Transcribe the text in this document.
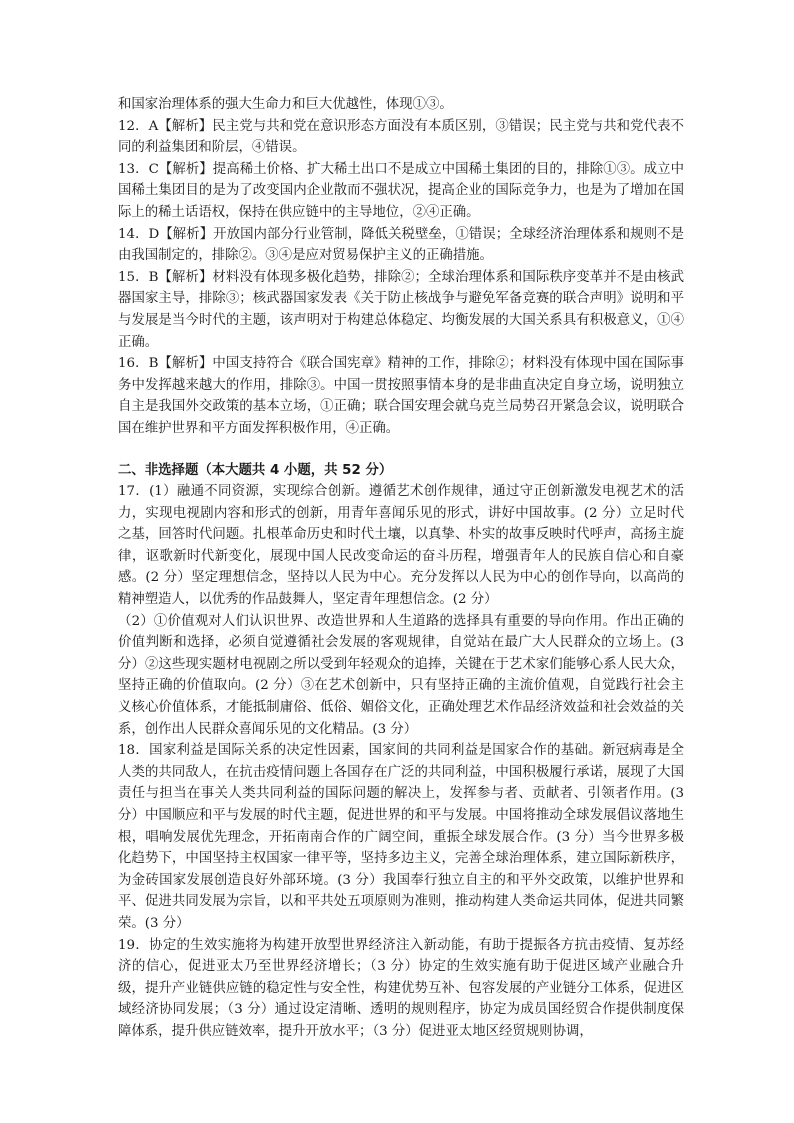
和国家治理体系的强大生命力和巨大优越性，体现①③。

12．A【解析】民主党与共和党在意识形态方面没有本质区别，③错误；民主党与共和党代表不同的利益集团和阶层，④错误。

13．C【解析】提高稀土价格、扩大稀土出口不是成立中国稀土集团的目的，排除①③。成立中国稀土集团目的是为了改变国内企业散而不强状况，提高企业的国际竞争力，也是为了增加在国际上的稀土话语权，保持在供应链中的主导地位，②④正确。

14．D【解析】开放国内部分行业管制，降低关税壁垒，①错误；全球经济治理体系和规则不是由我国制定的，排除②。③④是应对贸易保护主义的正确措施。

15．B【解析】材料没有体现多极化趋势，排除②；全球治理体系和国际秩序变革并不是由核武器国家主导，排除③；核武器国家发表《关于防止核战争与避免军备竞赛的联合声明》说明和平与发展是当今时代的主题，该声明对于构建总体稳定、均衡发展的大国关系具有积极意义，①④正确。

16．B【解析】中国支持符合《联合国宪章》精神的工作，排除②；材料没有体现中国在国际事务中发挥越来越大的作用，排除③。中国一贯按照事情本身的是非曲直决定自身立场，说明独立自主是我国外交政策的基本立场，①正确；联合国安理会就乌克兰局势召开紧急会议，说明联合国在维护世界和平方面发挥积极作用，④正确。

二、非选择题（本大题共 4 小题，共 52 分）

17．(1）融通不同资源，实现综合创新。遵循艺术创作规律，通过守正创新激发电视艺术的活力，实现电视剧内容和形式的创新，用青年喜闻乐见的形式，讲好中国故事。(2 分）立足时代之基，回答时代问题。扎根革命历史和时代土壤，以真挚、朴实的故事反映时代呼声，高扬主旋律，讴歌新时代新变化，展现中国人民改变命运的奋斗历程，增强青年人的民族自信心和自豪感。(2 分）坚定理想信念，坚持以人民为中心。充分发挥以人民为中心的创作导向，以高尚的精神塑造人，以优秀的作品鼓舞人，坚定青年理想信念。(2 分）

（2）①价值观对人们认识世界、改造世界和人生道路的选择具有重要的导向作用。作出正确的价值判断和选择，必须自觉遵循社会发展的客观规律，自觉站在最广大人民群众的立场上。(3 分）②这些现实题材电视剧之所以受到年轻观众的追捧，关键在于艺术家们能够心系人民大众，坚持正确的价值取向。(2 分）③在艺术创新中，只有坚持正确的主流价值观，自觉践行社会主义核心价值体系，才能抵制庸俗、低俗、媚俗文化，正确处理艺术作品经济效益和社会效益的关系，创作出人民群众喜闻乐见的文化精品。(3 分）

18．国家利益是国际关系的决定性因素，国家间的共同利益是国家合作的基础。新冠病毒是全人类的共同敌人，在抗击疫情问题上各国存在广泛的共同利益，中国积极履行承诺，展现了大国责任与担当在事关人类共同利益的国际问题的解决上，发挥参与者、贡献者、引领者作用。(3 分）中国顺应和平与发展的时代主题，促进世界的和平与发展。中国将推动全球发展倡议落地生根，唱响发展优先理念，开拓南南合作的广阔空间，重振全球发展合作。(3 分）当今世界多极化趋势下，中国坚持主权国家一律平等，坚持多边主义，完善全球治理体系，建立国际新秩序，为金砖国家发展创造良好外部环境。(3 分）我国奉行独立自主的和平外交政策，以维护世界和平、促进共同发展为宗旨，以和平共处五项原则为准则，推动构建人类命运共同体，促进共同繁荣。(3 分）

19．协定的生效实施将为构建开放型世界经济注入新动能，有助于提振各方抗击疫情、复苏经济的信心，促进亚太乃至世界经济增长；（3 分）协定的生效实施有助于促进区域产业融合升级，提升产业链供应链的稳定性与安全性，构建优势互补、包容发展的产业链分工体系，促进区域经济协同发展；（3 分）通过设定清晰、透明的规则程序，协定为成员国经贸合作提供制度保障体系，提升供应链效率，提升开放水平；（3 分）促进亚太地区经贸规则协调，
